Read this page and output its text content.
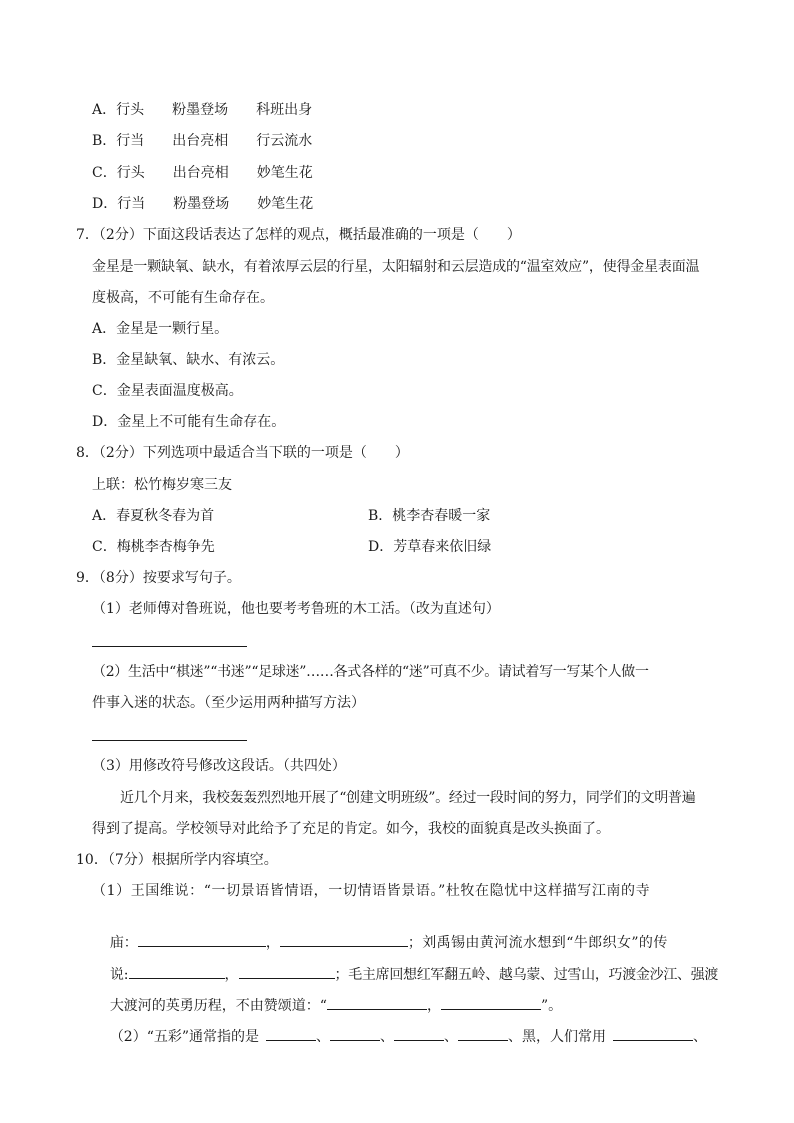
A．行头　　粉墨登场　　科班出身
B．行当　　出台亮相　　行云流水
C．行头　　出台亮相　　妙笔生花
D．行当　　粉墨登场　　妙笔生花
7．（2分）下面这段话表达了怎样的观点，概括最准确的一项是（　　）
金星是一颗缺氧、缺水，有着浓厚云层的行星，太阳辐射和云层造成的“温室效应”，使得金星表面温
度极高，不可能有生命存在。
A．金星是一颗行星。
B．金星缺氧、缺水、有浓云。
C．金星表面温度极高。
D．金星上不可能有生命存在。
8．（2分）下列选项中最适合当下联的一项是（　　）
上联：松竹梅岁寒三友
A．春夏秋冬春为首	B．桃李杏春暖一家
C．梅桃李杏梅争先	D．芳草春来依旧绿
9．（8分）按要求写句子。
（1）老师傅对鲁班说，他也要考考鲁班的木工活。（改为直述句）
（2）生活中“棋迷”“书迷”“足球迷”……各式各样的“迷”可真不少。请试着写一写某个人做一
件事入迷的状态。（至少运用两种描写方法）
（3）用修改符号修改这段话。（共四处）
近几个月来，我校轰轰烈烈地开展了“创建文明班级”。经过一段时间的努力，同学们的文明普遍
得到了提高。学校领导对此给予了充足的肯定。如今，我校的面貌真是改头换面了。
10．（7分）根据所学内容填空。
（1）王国维说：“一切景语皆情语，一切情语皆景语。”杜牧在隐忧中这样描写江南的寺

庙：	，	；刘禹锡由黄河流水想到“牛郎织女”的传

说:	，	；毛主席回想红军翻五岭、越乌蒙、过雪山，巧渡金沙江、强渡

大渡河的英勇历程，不由赞颂道：“	，	”。

（2）“五彩”通常指的是 	、	、	、	、黑，人们常用 	、
